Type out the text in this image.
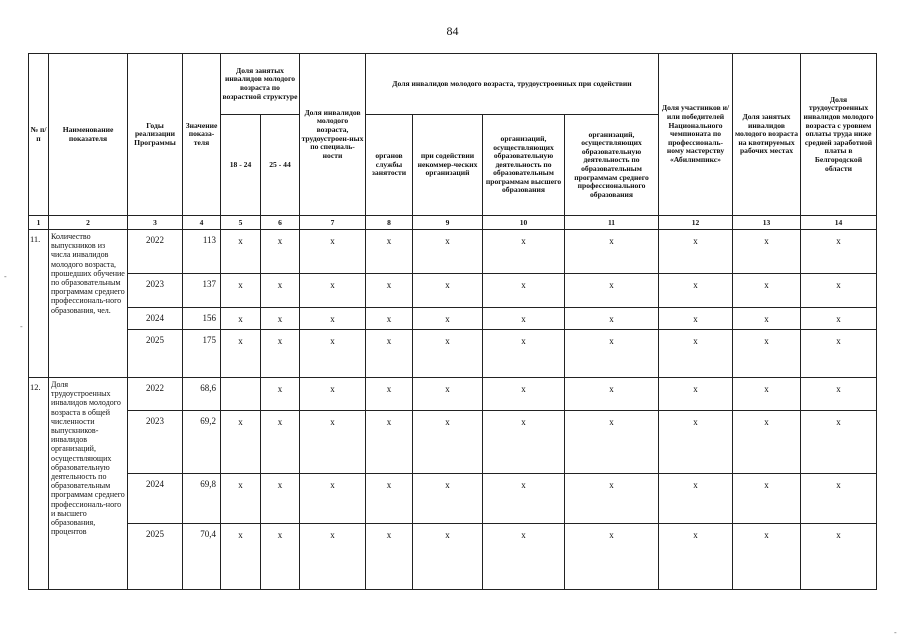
84
№ п/п	Наименование показателя	Годы реализации Программы	Значение показа-теля	Доля занятых инвалидов молодого возраста по возрастной структуре		Доля инвалидов молодого возраста, трудоустроен-ных по специаль-ности	Доля инвалидов молодого возраста, трудоустроенных при содействии				Доля участников и/или победителей Национального чемпионата по профессиональ-ному мастерству «Абилимпикс»	Доля занятых инвалидов молодого возраста на квотируемых рабочих местах	Доля трудоустроенных инвалидов молодого возраста с уровнем оплаты труда ниже средней заработной платы в Белгородской области
				18 - 24	25 - 44		органов службы занятости	при содействии некоммер-ческих организаций	организаций, осуществляющих образовательную деятельность по образовательным программам высшего образования	организаций, осуществляющих образовательную деятельность по образовательным программам среднего профессионального образования			
1	2	3	4	5	6	7	8	9	10	11	12	13	14
11.	Количество выпускников из числа инвалидов молодого возраста, прошедших обучение по образовательным программам среднего профессиональ-ного образования, чел.	2022	113	x	x	x	x	x	x	x	x	x	x
		2023	137	x	x	x	x	x	x	x	x	x	x
		2024	156	x	x	x	x	x	x	x	x	x	x
		2025	175	x	x	x	x	x	x	x	x	x	x
12.	Доля трудоустроенных инвалидов молодого возраста в общей численности выпускников-инвалидов организаций, осуществляющих образовательную деятельность по образовательным программам среднего профессиональ-ного и высшего образования, процентов	2022	68,6		x	x	x	x	x	x	x	x	x
		2023	69,2	x	x	x	x	x	x	x	x	x	x
		2024	69,8	x	x	x	x	x	x	x	x	x	x
		2025	70,4	x	x	x	x	x	x	x	x	x	x
-
-
-
